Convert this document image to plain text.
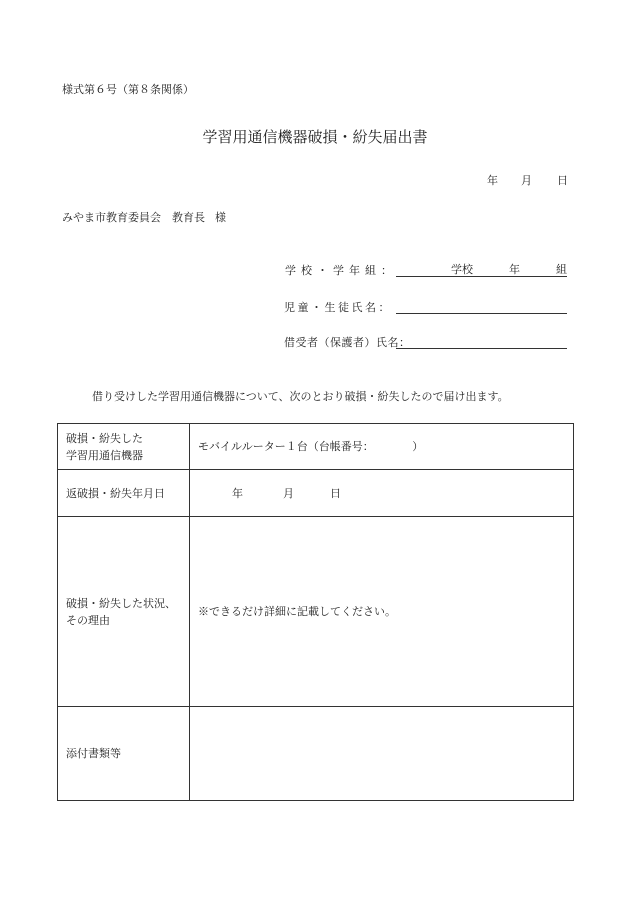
様式第６号（第８条関係）
学習用通信機器破損・紛失届出書
年 月 日
みやま市教育委員会　教育長 様
学校・学年組：	学校	年	組
児童・生徒氏名：
借受者（保護者）氏名：
借り受けした学習用通信機器について、次のとおり破損・紛失したので届け出ます。
破損・紛失した
学習用通信機器	モバイルルーター１台（台帳番号：　　　　）
返破損・紛失年月日	年 月 日

破損・紛失した状況、
その理由	※できるだけ詳細に記載してください。
添付書類等	
